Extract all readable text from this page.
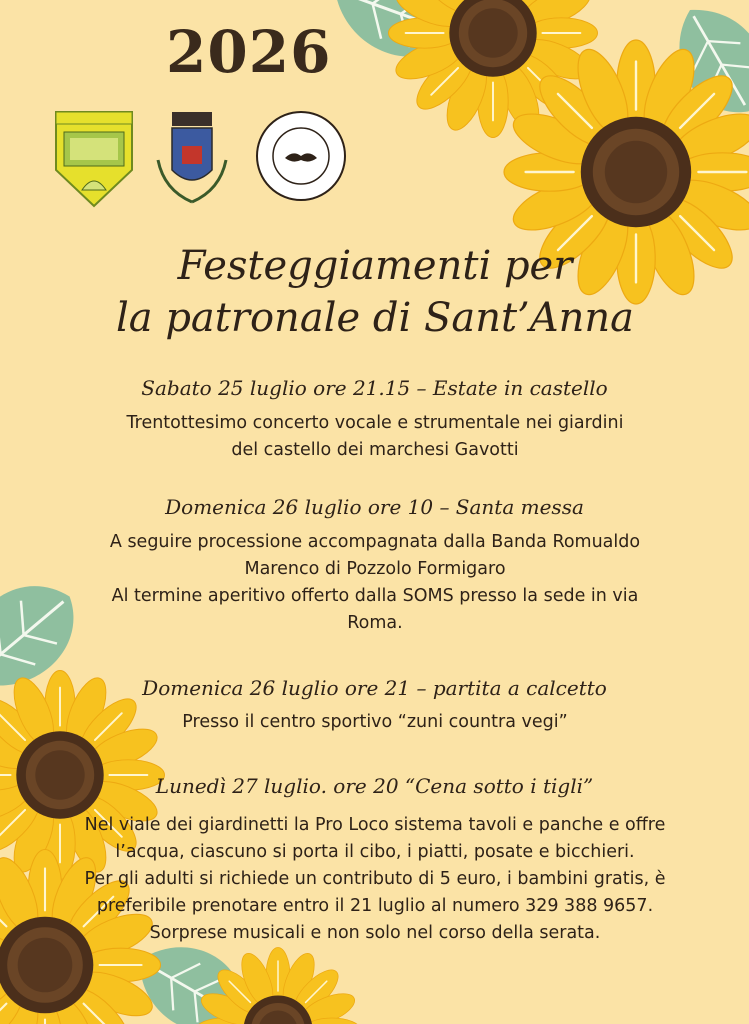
2026
Festeggiamenti per
la patronale di Sant’Anna
Sabato 25 luglio ore 21.15 – Estate in castello
Trentottesimo concerto vocale e strumentale nei giardini
del castello dei marchesi Gavotti
Domenica 26 luglio ore 10 – Santa messa
A seguire processione accompagnata dalla Banda Romualdo
Marenco di Pozzolo Formigaro
Al termine aperitivo offerto dalla SOMS presso la sede in via
Roma.
Domenica 26 luglio ore 21 – partita a calcetto
Presso il centro sportivo “zuni countra vegi”
Lunedì 27 luglio. ore 20 “Cena sotto i tigli”
Nel viale dei giardinetti la Pro Loco sistema tavoli e panche e offre
l’acqua, ciascuno si porta il cibo, i piatti, posate e bicchieri.
Per gli adulti si richiede un contributo di 5 euro, i bambini gratis, è
preferibile prenotare entro il 21 luglio al numero 329 388 9657.
Sorprese musicali e non solo nel corso della serata.
